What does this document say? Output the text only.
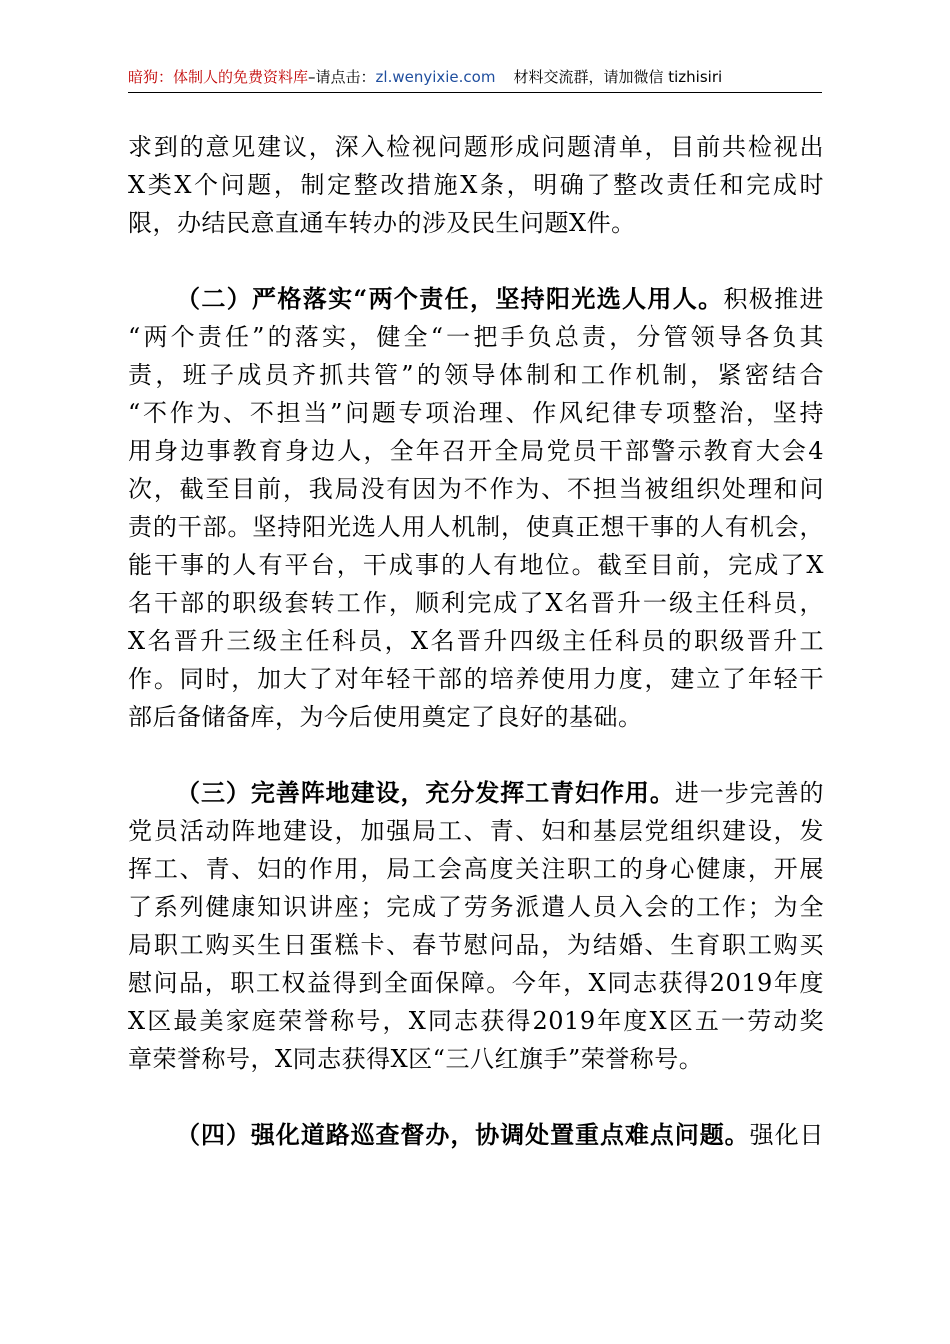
暗狗：体制人的免费资料库–请点击：zl.wenyixie.com 材料交流群，请加微信 tizhisiri
求到的意见建议，深入检视问题形成问题清单，目前共检视出
X类X个问题，制定整改措施X条，明确了整改责任和完成时
限，办结民意直通车转办的涉及民生问题X件。
（二）严格落实“两个责任，坚持阳光选人用人。积极推进
“两个责任”的落实，健全“一把手负总责，分管领导各负其
责，班子成员齐抓共管”的领导体制和工作机制，紧密结合
“不作为、不担当”问题专项治理、作风纪律专项整治，坚持
用身边事教育身边人，全年召开全局党员干部警示教育大会4
次，截至目前，我局没有因为不作为、不担当被组织处理和问
责的干部。坚持阳光选人用人机制，使真正想干事的人有机会，
能干事的人有平台，干成事的人有地位。截至目前，完成了X
名干部的职级套转工作，顺利完成了X名晋升一级主任科员，
X名晋升三级主任科员，X名晋升四级主任科员的职级晋升工
作。同时，加大了对年轻干部的培养使用力度，建立了年轻干
部后备储备库，为今后使用奠定了良好的基础。
（三）完善阵地建设，充分发挥工青妇作用。进一步完善的
党员活动阵地建设，加强局工、青、妇和基层党组织建设，发
挥工、青、妇的作用，局工会高度关注职工的身心健康，开展
了系列健康知识讲座；完成了劳务派遣人员入会的工作；为全
局职工购买生日蛋糕卡、春节慰问品，为结婚、生育职工购买
慰问品，职工权益得到全面保障。今年，X同志获得2019年度
X区最美家庭荣誉称号，X同志获得2019年度X区五一劳动奖
章荣誉称号，X同志获得X区“三八红旗手”荣誉称号。
（四）强化道路巡查督办，协调处置重点难点问题。强化日
